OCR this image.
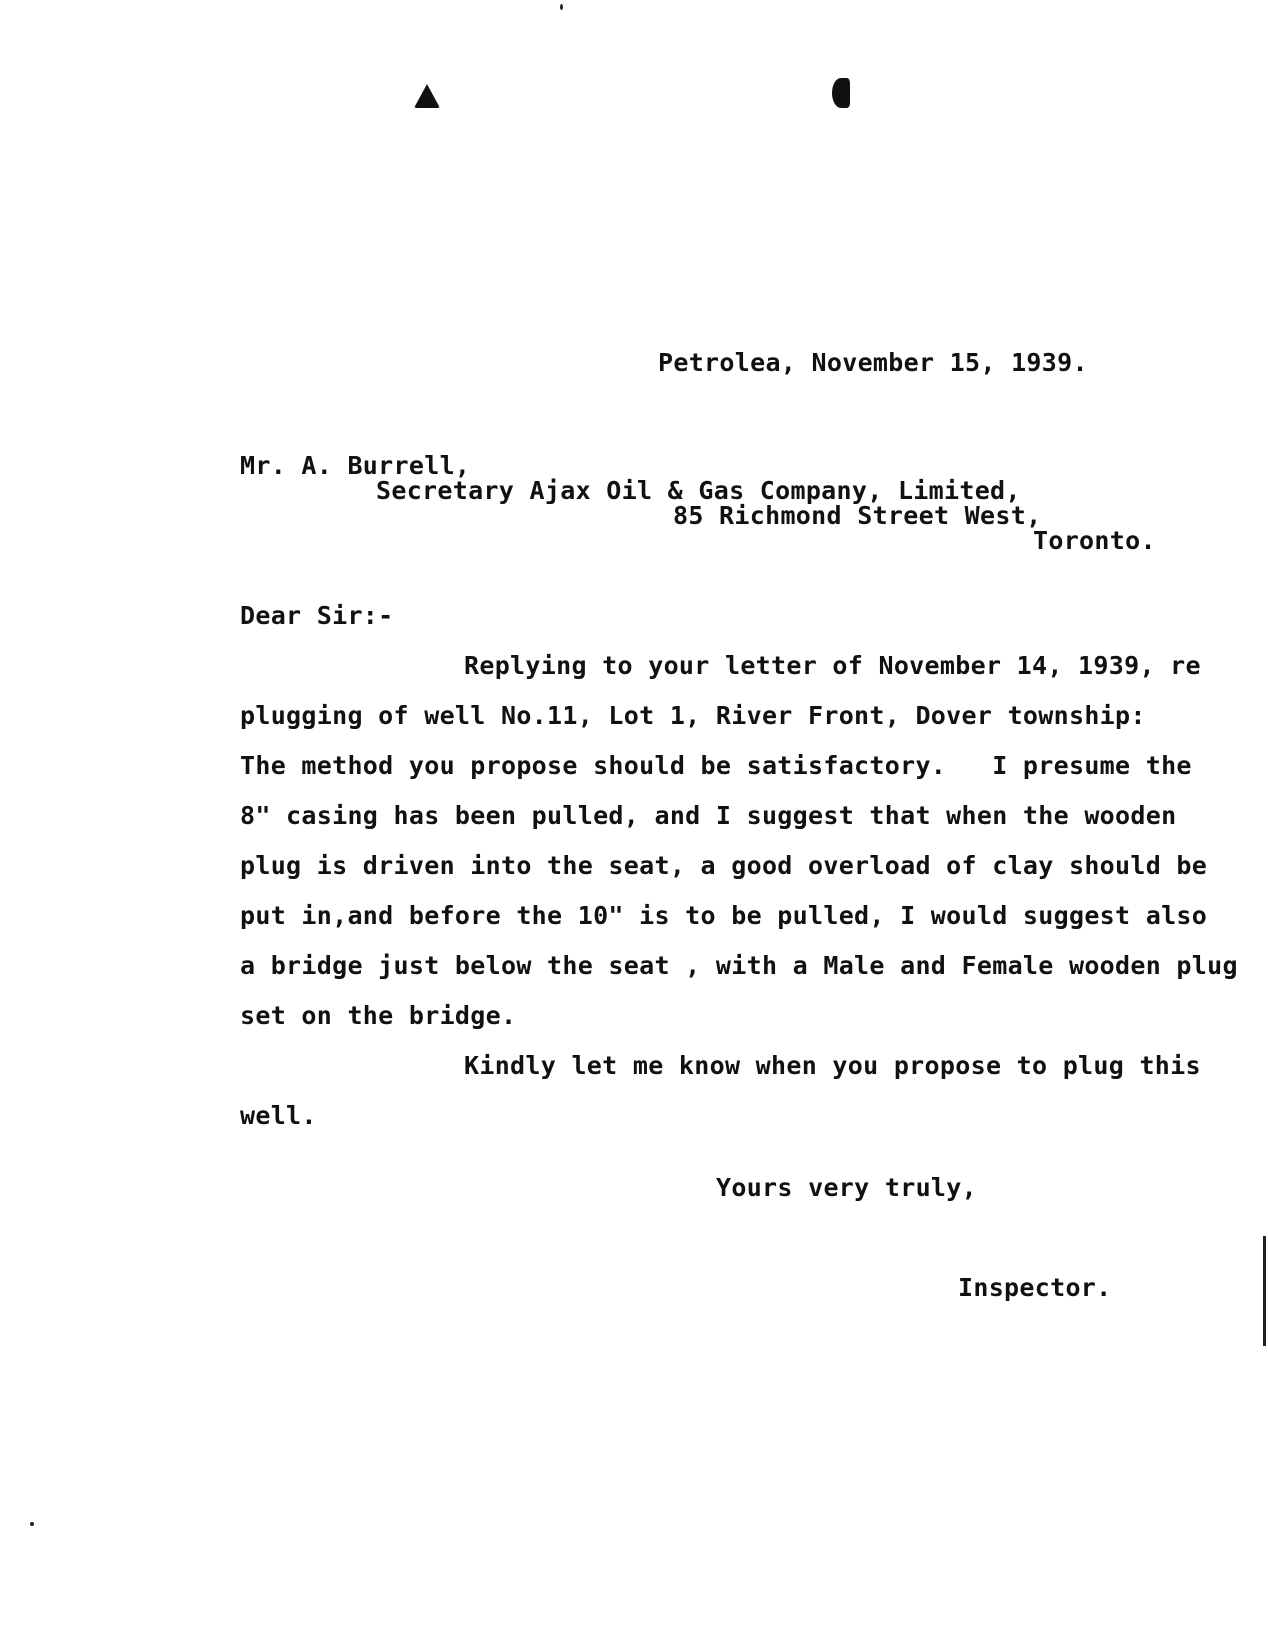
Petrolea, November 15, 1939.
Mr. A. Burrell,
Secretary Ajax Oil & Gas Company, Limited,
85 Richmond Street West,
Toronto.
Dear Sir:-
Replying to your letter of November 14, 1939, re
plugging of well No.11, Lot 1, River Front, Dover township:
The method you propose should be satisfactory.   I presume the
8" casing has been pulled, and I suggest that when the wooden
plug is driven into the seat, a good overload of clay should be
put in,and before the 10" is to be pulled, I would suggest also
a bridge just below the seat , with a Male and Female wooden plug
set on the bridge.
Kindly let me know when you propose to plug this
well.
Yours very truly,
Inspector.
